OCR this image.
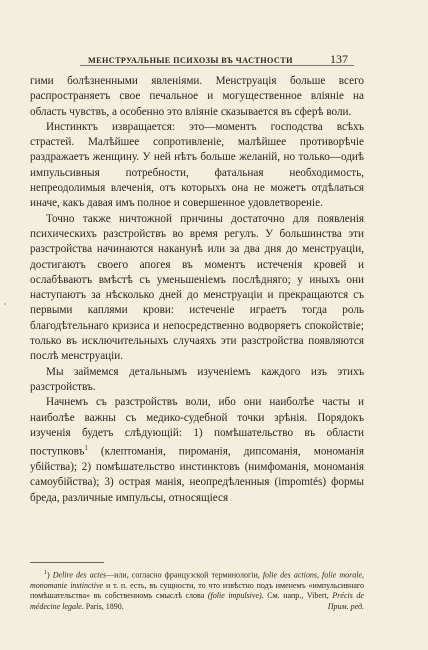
МЕНСТРУАЛЬНЫЕ ПСИХОЗЫ ВЪ ЧАСТНОСТИ	137

гими болѣзненными явленіями. Менструація больше всего распространяетъ свое печальное и могущественное вліяніе на область чувствъ, а особенно это вліяніе сказывается въ сферѣ воли.

Инстинктъ извращается: это—моментъ господства всѣхъ страстей. Малѣйшее сопротивленіе, малѣйшее противорѣчіе раздражаетъ женщину. У ней нѣтъ больше желаній, но только—одиѣ импульсивныя потребности, фатальная необходимость, непреодолимыя влеченія, отъ которыхъ она не можетъ отдѣлаться иначе, какъ давая имъ полное и совершенное удовлетвореніе.

Точно также ничтожной причины достаточно для появленія психическихъ разстройствъ во время регулъ. У большинства эти разстройства начинаются наканунѣ или за два дня до менструаціи, достигаютъ своего апогея въ моментъ истеченія кровей и ослабѣваютъ вмѣстѣ съ уменьшеніемъ послѣдняго; у иныхъ они наступаютъ за нѣсколько дней до менструаціи и прекращаются съ первыми каплями крови: истеченіе играетъ тогда роль благодѣтельнаго кризиса и непосредственно водворяетъ спокойствіе; только въ исключительныхъ случаяхъ эти разстройства появляются послѣ менструаціи.

Мы займемся детальнымъ изученіемъ каждого изъ этихъ разстройствъ.

Начнемъ съ разстройствъ воли, ибо они наиболѣе часты и наиболѣе важны съ медико-судебной точки зрѣнія. Порядокъ изученія будетъ слѣдующій: 1) помѣшательство въ области поступковъ$^1$ (клептоманія, пироманія, дипсоманія, мономанія убійства); 2) помѣшательство инстинктовъ (нимфоманія, мономанія самоубійства); 3) острая манія, неопредѣленныя (impomtés) формы бреда, различные импульсы, относящіеся

$^1$) Delire des actes—или, согласно французской терминологіи, folie des actions, folie morale, monomanie instinctive и т. п. есть, въ сущности, то что извѣстно подъ именемъ «импульсивнаго помѣшательства» въ собственномъ смыслѣ слова (folie impulsive). См. напр., Vibert, Précis de médecine legale. Paris, 1890.	Прим. ред.
